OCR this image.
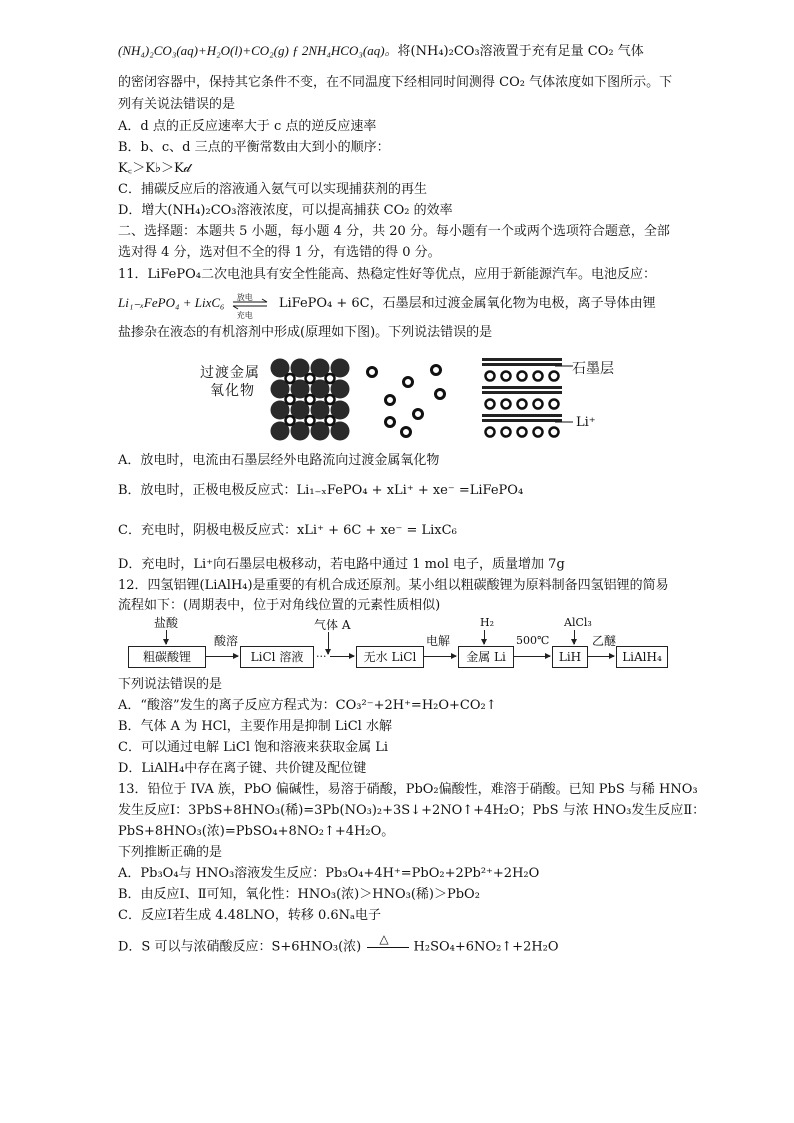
(NH₄)₂CO₃(aq)+H₂O(l)+CO₂(g) ƒ 2NH₄HCO₃(aq)。将(NH₄)₂CO₃溶液置于充有足量 CO₂ 气体
的密闭容器中，保持其它条件不变，在不同温度下经相同时间测得 CO₂ 气体浓度如下图所示。下
列有关说法错误的是
A．d 点的正反应速率大于 c 点的逆反应速率
B．b、c、d 三点的平衡常数由大到小的顺序：
K꜀＞K♭＞K𝒹
C．捕碳反应后的溶液通入氨气可以实现捕获剂的再生
D．增大(NH₄)₂CO₃溶液浓度，可以提高捕获 CO₂ 的效率
二、选择题：本题共 5 小题，每小题 4 分，共 20 分。每小题有一个或两个选项符合题意，全部
选对得 4 分，选对但不全的得 1 分，有选错的得 0 分。
11．LiFePO₄二次电池具有安全性能高、热稳定性好等优点，应用于新能源汽车。电池反应：
Li₁₋ₓFePO₄ + LixC₆ 放电
充电
LiFePO₄ + 6C，石墨层和过渡金属氧化物为电极，离子导体由锂
盐掺杂在液态的有机溶剂中形成(原理如下图)。下列说法错误的是
过渡金属
氧化物
石墨层
Li⁺
A．放电时，电流由石墨层经外电路流向过渡金属氧化物
B．放电时，正极电极反应式：Li₁₋ₓFePO₄ + xLi⁺ + xe⁻ =LiFePO₄
C．充电时，阴极电极反应式：xLi⁺ + 6C + xe⁻ = LixC₆
D．充电时，Li⁺向石墨层电极移动，若电路中通过 1 mol 电子，质量增加 7g
12．四氢铝锂(LiAlH₄)是重要的有机合成还原剂。某小组以粗碳酸锂为原料制备四氢铝锂的简易
流程如下：(周期表中，位于对角线位置的元素性质相似)
粗碳酸锂	LiCl 溶液	无水 LiCl	金属 Li	LiH	LiAlH₄
盐酸
酸溶
···
气体 A
电解
H₂
500℃
AlCl₃
乙醚
下列说法错误的是
A．“酸溶”发生的离子反应方程式为：CO₃²⁻+2H⁺=H₂O+CO₂↑
B．气体 A 为 HCl，主要作用是抑制 LiCl 水解
C．可以通过电解 LiCl 饱和溶液来获取金属 Li
D．LiAlH₄中存在离子键、共价键及配位键
13．铅位于 IVA 族，PbO 偏碱性，易溶于硝酸，PbO₂偏酸性，难溶于硝酸。已知 PbS 与稀 HNO₃
发生反应Ⅰ：3PbS+8HNO₃(稀)=3Pb(NO₃)₂+3S↓+2NO↑+4H₂O；PbS 与浓 HNO₃发生反应Ⅱ：
PbS+8HNO₃(浓)=PbSO₄+8NO₂↑+4H₂O。
下列推断正确的是
A．Pb₃O₄与 HNO₃溶液发生反应：Pb₃O₄+4H⁺=PbO₂+2Pb²⁺+2H₂O
B．由反应Ⅰ、Ⅱ可知，氧化性：HNO₃(浓)＞HNO₃(稀)＞PbO₂
C．反应Ⅰ若生成 4.48LNO，转移 0.6Nₐ电子
D．S 可以与浓硝酸反应：S+6HNO₃(浓)
△
H₂SO₄+6NO₂↑+2H₂O
